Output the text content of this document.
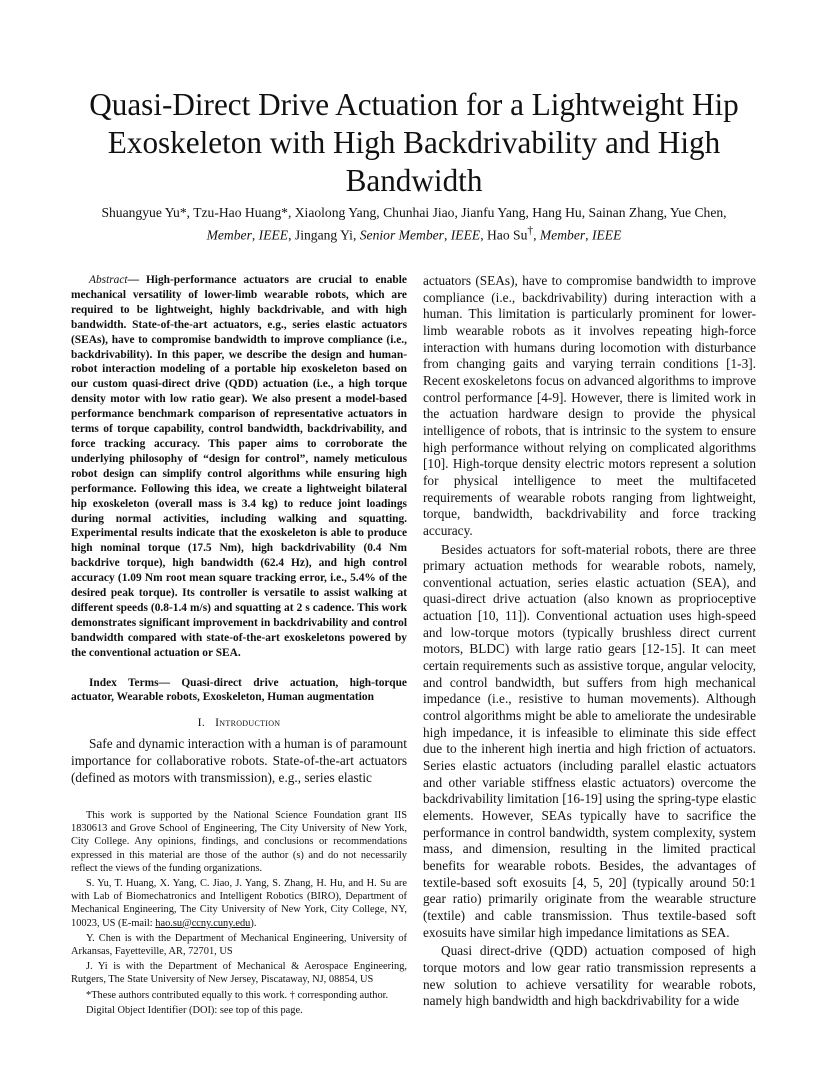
Quasi-Direct Drive Actuation for a Lightweight Hip Exoskeleton with High Backdrivability and High Bandwidth

Shuangyue Yu*, Tzu-Hao Huang*, Xiaolong Yang, Chunhai Jiao, Jianfu Yang, Hang Hu, Sainan Zhang, Yue Chen, Member, IEEE, Jingang Yi, Senior Member, IEEE, Hao Su†, Member, IEEE

Abstract— High-performance actuators are crucial to enable mechanical versatility of lower-limb wearable robots, which are required to be lightweight, highly backdrivable, and with high bandwidth. State-of-the-art actuators, e.g., series elastic actuators (SEAs), have to compromise bandwidth to improve compliance (i.e., backdrivability). In this paper, we describe the design and human-robot interaction modeling of a portable hip exoskeleton based on our custom quasi-direct drive (QDD) actuation (i.e., a high torque density motor with low ratio gear). We also present a model-based performance benchmark comparison of representative actuators in terms of torque capability, control bandwidth, backdrivability, and force tracking accuracy. This paper aims to corroborate the underlying philosophy of “design for control”, namely meticulous robot design can simplify control algorithms while ensuring high performance. Following this idea, we create a lightweight bilateral hip exoskeleton (overall mass is 3.4 kg) to reduce joint loadings during normal activities, including walking and squatting. Experimental results indicate that the exoskeleton is able to produce high nominal torque (17.5 Nm), high backdrivability (0.4 Nm backdrive torque), high bandwidth (62.4 Hz), and high control accuracy (1.09 Nm root mean square tracking error, i.e., 5.4% of the desired peak torque). Its controller is versatile to assist walking at different speeds (0.8-1.4 m/s) and squatting at 2 s cadence. This work demonstrates significant improvement in backdrivability and control bandwidth compared with state-of-the-art exoskeletons powered by the conventional actuation or SEA.

Index Terms— Quasi-direct drive actuation, high-torque actuator, Wearable robots, Exoskeleton, Human augmentation

I. Introduction

Safe and dynamic interaction with a human is of paramount importance for collaborative robots. State-of-the-art actuators (defined as motors with transmission), e.g., series elastic

This work is supported by the National Science Foundation grant IIS 1830613 and Grove School of Engineering, The City University of New York, City College. Any opinions, findings, and conclusions or recommendations expressed in this material are those of the author (s) and do not necessarily reflect the views of the funding organizations.

S. Yu, T. Huang, X. Yang, C. Jiao, J. Yang, S. Zhang, H. Hu, and H. Su are with Lab of Biomechatronics and Intelligent Robotics (BIRO), Department of Mechanical Engineering, The City University of New York, City College, NY, 10023, US (E-mail: hao.su@ccny.cuny.edu).

Y. Chen is with the Department of Mechanical Engineering, University of Arkansas, Fayetteville, AR, 72701, US

J. Yi is with the Department of Mechanical & Aerospace Engineering, Rutgers, The State University of New Jersey, Piscataway, NJ, 08854, US

*These authors contributed equally to this work. † corresponding author.

Digital Object Identifier (DOI): see top of this page.

actuators (SEAs), have to compromise bandwidth to improve compliance (i.e., backdrivability) during interaction with a human. This limitation is particularly prominent for lower-limb wearable robots as it involves repeating high-force interaction with humans during locomotion with disturbance from changing gaits and varying terrain conditions [1-3]. Recent exoskeletons focus on advanced algorithms to improve control performance [4-9]. However, there is limited work in the actuation hardware design to provide the physical intelligence of robots, that is intrinsic to the system to ensure high performance without relying on complicated algorithms [10]. High-torque density electric motors represent a solution for physical intelligence to meet the multifaceted requirements of wearable robots ranging from lightweight, torque, bandwidth, backdrivability and force tracking accuracy.

Besides actuators for soft-material robots, there are three primary actuation methods for wearable robots, namely, conventional actuation, series elastic actuation (SEA), and quasi-direct drive actuation (also known as proprioceptive actuation [10, 11]). Conventional actuation uses high-speed and low-torque motors (typically brushless direct current motors, BLDC) with large ratio gears [12-15]. It can meet certain requirements such as assistive torque, angular velocity, and control bandwidth, but suffers from high mechanical impedance (i.e., resistive to human movements). Although control algorithms might be able to ameliorate the undesirable high impedance, it is infeasible to eliminate this side effect due to the inherent high inertia and high friction of actuators. Series elastic actuators (including parallel elastic actuators and other variable stiffness elastic actuators) overcome the backdrivability limitation [16-19] using the spring-type elastic elements. However, SEAs typically have to sacrifice the performance in control bandwidth, system complexity, system mass, and dimension, resulting in the limited practical benefits for wearable robots. Besides, the advantages of textile-based soft exosuits [4, 5, 20] (typically around 50:1 gear ratio) primarily originate from the wearable structure (textile) and cable transmission. Thus textile-based soft exosuits have similar high impedance limitations as SEA.

Quasi direct-drive (QDD) actuation composed of high torque motors and low gear ratio transmission represents a new solution to achieve versatility for wearable robots, namely high bandwidth and high backdrivability for a wide
